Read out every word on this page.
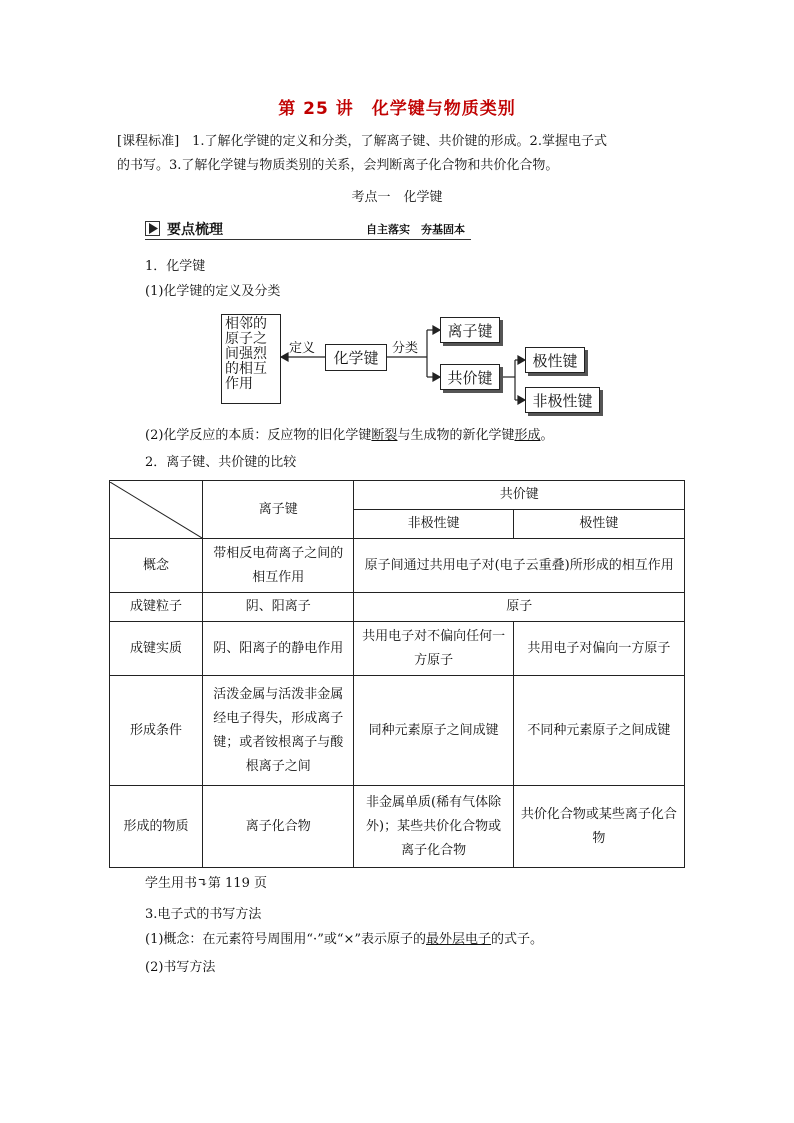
第 25 讲　化学键与物质类别
[课程标准]　1.了解化学键的定义和分类，了解离子键、共价键的形成。2.掌握电子式
的书写。3.了解化学键与物质类别的关系，会判断离子化合物和共价化合物。
考点一　化学键
要点梳理	自主落实　夯基固本
1．化学键
(1)化学键的定义及分类
相邻的
原子之
间强烈
的相互
作用
定义
化学键
分类
离子键
共价键
极性键
非极性键
(2)化学反应的本质：反应物的旧化学键断裂与生成物的新化学键形成。
2．离子键、共价键的比较
	离子键	共价键	
		非极性键	极性键
概念	带相反电荷离子之间的相互作用	原子间通过共用电子对(电子云重叠)所形成的相互作用	
成键粒子	阴、阳离子	原子	
成键实质	阴、阳离子的静电作用	共用电子对不偏向任何一方原子	共用电子对偏向一方原子
形成条件	活泼金属与活泼非金属经电子得失，形成离子键；或者铵根离子与酸根离子之间	同种元素原子之间成键	不同种元素原子之间成键
形成的物质	离子化合物	非金属单质(稀有气体除外)；某些共价化合物或离子化合物	共价化合物或某些离子化合物
学生用书↴第 119 页
3.电子式的书写方法
(1)概念：在元素符号周围用“·”或“×”表示原子的最外层电子的式子。
(2)书写方法
